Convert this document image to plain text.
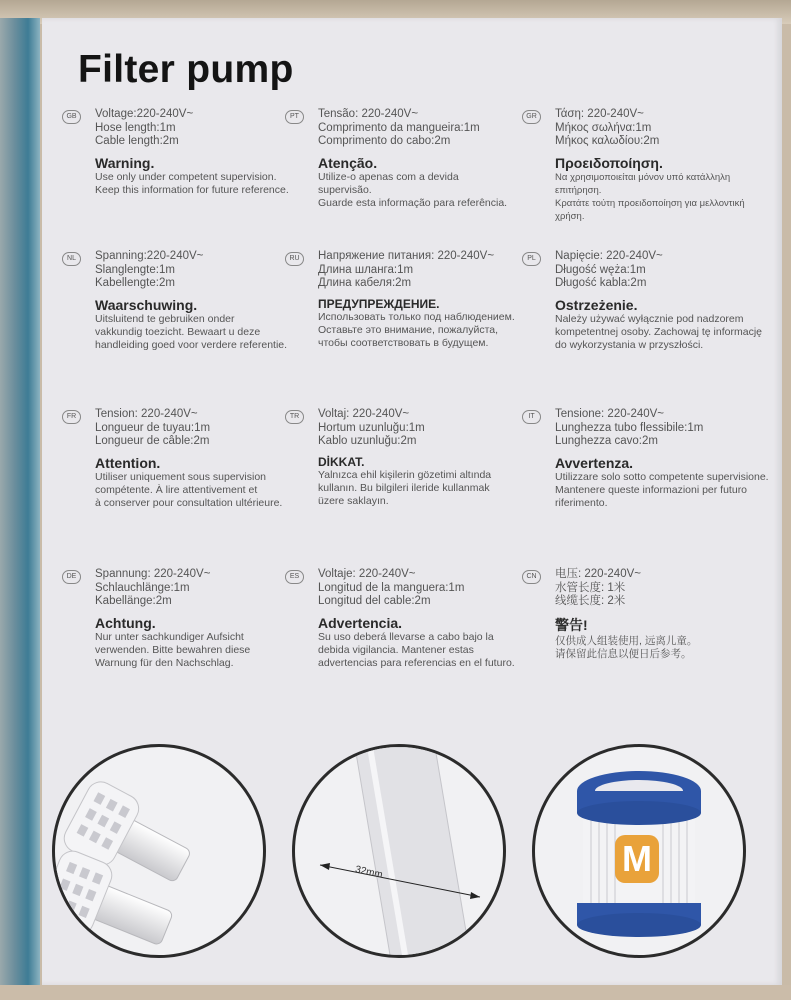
Filter pump
GB	Voltage:220-240V~
Hose length:1m
Cable length:2m
Warning.
Use only under competent supervision.
Keep this information for future reference.
PT	Tensão: 220-240V~
Comprimento da mangueira:1m
Comprimento do cabo:2m
Atenção.
Utilize-o apenas com a devida supervisão.
Guarde esta informação para referência.
GR	Τάση: 220-240V~
Μήκος σωλήνα:1m
Μήκος καλωδίου:2m
Προειδοποίηση.
Να χρησιμοποιείται μόνον υπό κατάλληλη επιτήρηση.
Κρατάτε τούτη προειδοποίηση για μελλοντική χρήση.
NL	Spanning:220-240V~
Slanglengte:1m
Kabellengte:2m
Waarschuwing.
Uitsluitend te gebruiken onder
vakkundig toezicht. Bewaart u deze
handleiding goed voor verdere referentie.
RU	Напряжение питания: 220-240V~
Длина шланга:1m
Длина кабеля:2m
ПРЕДУПРЕЖДЕНИЕ.
Использовать только под наблюдением.
Оставьте это внимание, пожалуйста,
чтобы соответствовать в будущем.
PL	Napięcie: 220-240V~
Długość węża:1m
Długość kabla:2m
Ostrzeżenie.
Należy używać wyłącznie pod nadzorem
kompetentnej osoby. Zachowaj tę informację
do wykorzystania w przyszłości.
FR	Tension: 220-240V~
Longueur de tuyau:1m
Longueur de câble:2m
Attention.
Utiliser uniquement sous supervision
compétente. À lire attentivement et
à conserver pour consultation ultérieure.
TR	Voltaj: 220-240V~
Hortum uzunluğu:1m
Kablo uzunluğu:2m
DİKKAT.
Yalnızca ehil kişilerin gözetimi altında
kullanın. Bu bilgileri ileride kullanmak
üzere saklayın.
IT	Tensione: 220-240V~
Lunghezza tubo flessibile:1m
Lunghezza cavo:2m
Avvertenza.
Utilizzare solo sotto competente supervisione.
Mantenere queste informazioni per futuro
riferimento.
DE	Spannung: 220-240V~
Schlauchlänge:1m
Kabellänge:2m
Achtung.
Nur unter sachkundiger Aufsicht
verwenden. Bitte bewahren diese
Warnung für den Nachschlag.
ES	Voltaje: 220-240V~
Longitud de la manguera:1m
Longitud del cable:2m
Advertencia.
Su uso deberá llevarse a cabo bajo la
debida vigilancia. Mantener estas
advertencias para referencias en el futuro.
CN	电压: 220-240V~
水管长度: 1米
线缆长度: 2米
警告!
仅供成人组装使用, 远离儿童。
请保留此信息以便日后参考。
32mm	M
